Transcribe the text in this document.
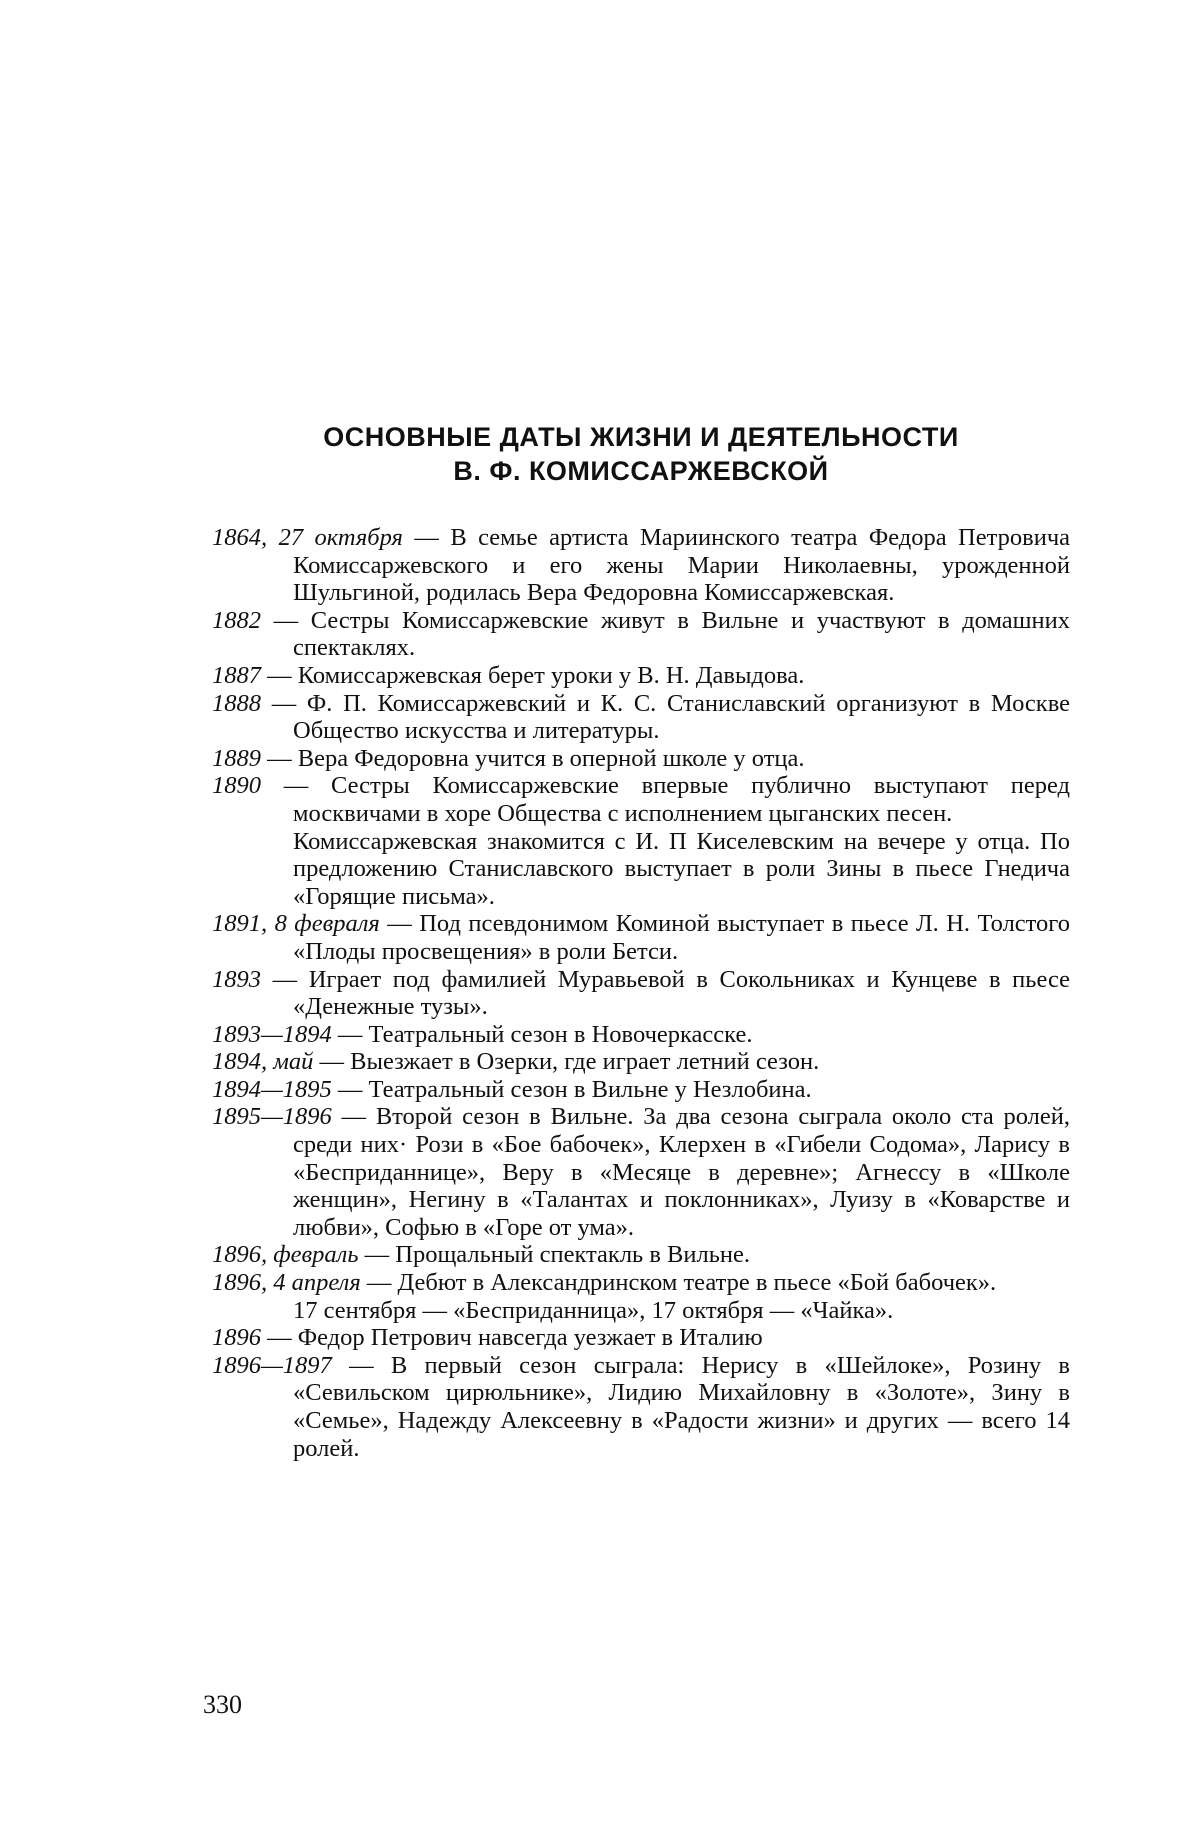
ОСНОВНЫЕ ДАТЫ ЖИЗНИ И ДЕЯТЕЛЬНОСТИ
В. Ф. КОМИССАРЖЕВСКОЙ

1864, 27 октября — В семье артиста Мариинского театра Федора Петровича Комиссаржевского и его жены Марии Николаевны, урожденной Шульгиной, родилась Вера Федоровна Комиссаржевская.

1882 — Сестры Комиссаржевские живут в Вильне и участвуют в домашних спектаклях.

1887 — Комиссаржевская берет уроки у В. Н. Давыдова.

1888 — Ф. П. Комиссаржевский и К. С. Станиславский организуют в Москве Общество искусства и литературы.

1889 — Вера Федоровна учится в оперной школе у отца.

1890 — Сестры Комиссаржевские впервые публично выступают перед москвичами в хоре Общества с исполнением цыганских песен.

Комиссаржевская знакомится с И. П Киселевским на вечере у отца. По предложению Станиславского выступает в роли Зины в пьесе Гнедича «Горящие письма».

1891, 8 февраля — Под псевдонимом Коминой выступает в пьесе Л. Н. Толстого «Плоды просвещения» в роли Бетси.

1893 — Играет под фамилией Муравьевой в Сокольниках и Кунцеве в пьесе «Денежные тузы».

1893—1894 — Театральный сезон в Новочеркасске.

1894, май — Выезжает в Озерки, где играет летний сезон.

1894—1895 — Театральный сезон в Вильне у Незлобина.

1895—1896 — Второй сезон в Вильне. За два сезона сыграла около ста ролей, среди них· Рози в «Бое бабочек», Клерхен в «Гибели Содома», Ларису в «Бесприданнице», Веру в «Месяце в деревне»; Агнессу в «Школе женщин», Негину в «Талантах и поклонниках», Луизу в «Коварстве и любви», Софью в «Горе от ума».

1896, февраль — Прощальный спектакль в Вильне.

1896, 4 апреля — Дебют в Александринском театре в пьесе «Бой бабочек».

17 сентября — «Бесприданница», 17 октября — «Чайка».

1896 — Федор Петрович навсегда уезжает в Италию

1896—1897 — В первый сезон сыграла: Нерису в «Шейлоке», Розину в «Севильском цирюльнике», Лидию Михайловну в «Золоте», Зину в «Семье», Надежду Алексеевну в «Радости жизни» и других — всего 14 ролей.

330
